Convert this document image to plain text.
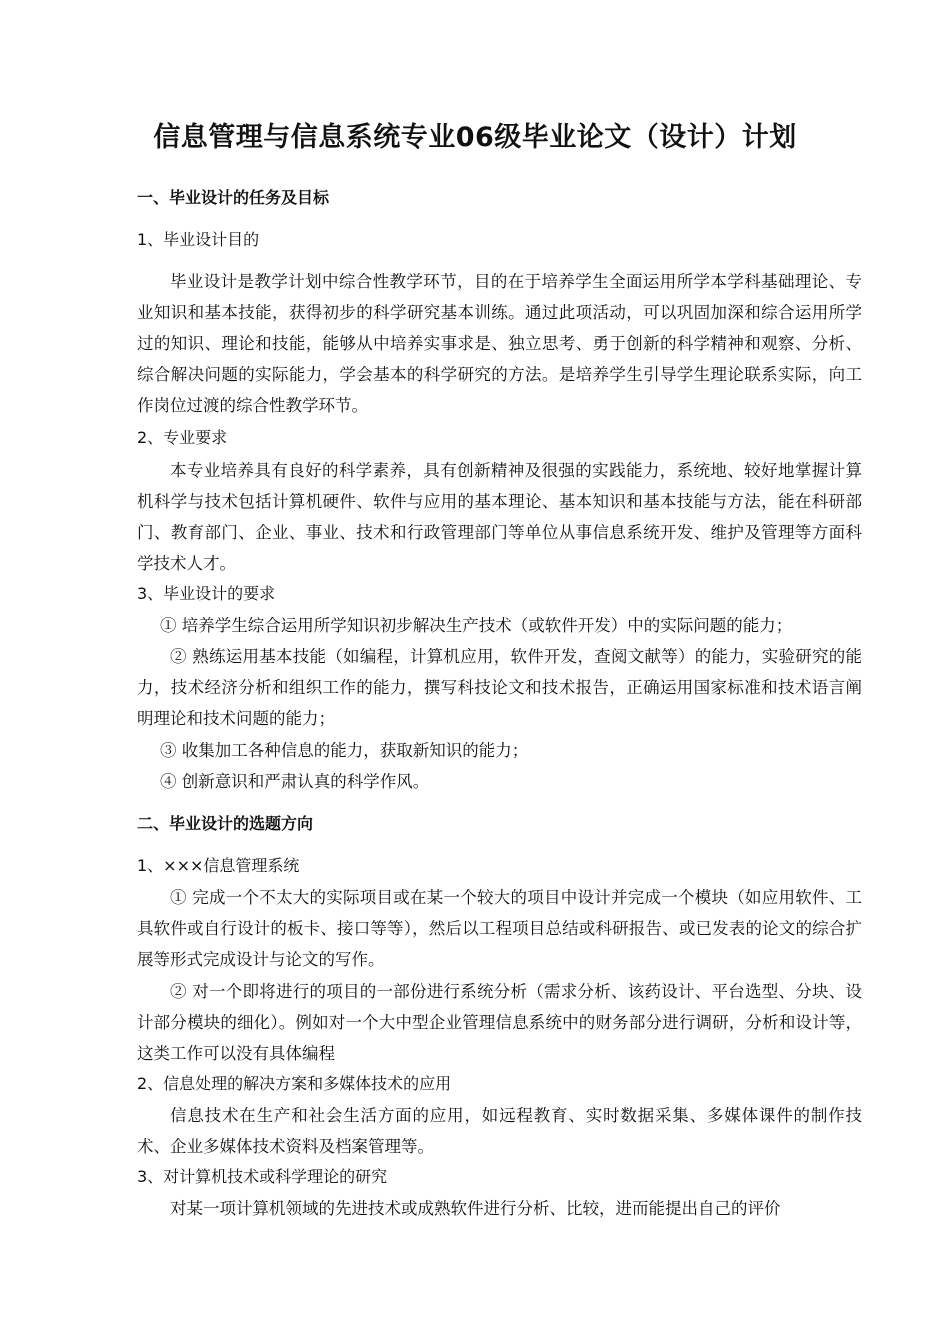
信息管理与信息系统专业06级毕业论文（设计）计划
一、毕业设计的任务及目标
1、毕业设计目的
毕业设计是教学计划中综合性教学环节，目的在于培养学生全面运用所学本学科基础理论、专业知识和基本技能，获得初步的科学研究基本训练。通过此项活动，可以巩固加深和综合运用所学过的知识、理论和技能，能够从中培养实事求是、独立思考、勇于创新的科学精神和观察、分析、综合解决问题的实际能力，学会基本的科学研究的方法。是培养学生引导学生理论联系实际，向工作岗位过渡的综合性教学环节。
2、专业要求
本专业培养具有良好的科学素养，具有创新精神及很强的实践能力，系统地、较好地掌握计算机科学与技术包括计算机硬件、软件与应用的基本理论、基本知识和基本技能与方法，能在科研部门、教育部门、企业、事业、技术和行政管理部门等单位从事信息系统开发、维护及管理等方面科学技术人才。
3、毕业设计的要求
① 培养学生综合运用所学知识初步解决生产技术（或软件开发）中的实际问题的能力；
② 熟练运用基本技能（如编程，计算机应用，软件开发，查阅文献等）的能力，实验研究的能力，技术经济分析和组织工作的能力，撰写科技论文和技术报告，正确运用国家标准和技术语言阐明理论和技术问题的能力；
③ 收集加工各种信息的能力，获取新知识的能力；
④ 创新意识和严肃认真的科学作风。
二、毕业设计的选题方向
1、×××信息管理系统
① 完成一个不太大的实际项目或在某一个较大的项目中设计并完成一个模块（如应用软件、工具软件或自行设计的板卡、接口等等），然后以工程项目总结或科研报告、或已发表的论文的综合扩展等形式完成设计与论文的写作。
② 对一个即将进行的项目的一部份进行系统分析（需求分析、该药设计、平台选型、分块、设计部分模块的细化）。例如对一个大中型企业管理信息系统中的财务部分进行调研，分析和设计等，这类工作可以没有具体编程
2、信息处理的解决方案和多媒体技术的应用
信息技术在生产和社会生活方面的应用，如远程教育、实时数据采集、多媒体课件的制作技术、企业多媒体技术资料及档案管理等。
3、对计算机技术或科学理论的研究
对某一项计算机领域的先进技术或成熟软件进行分析、比较，进而能提出自己的评价
